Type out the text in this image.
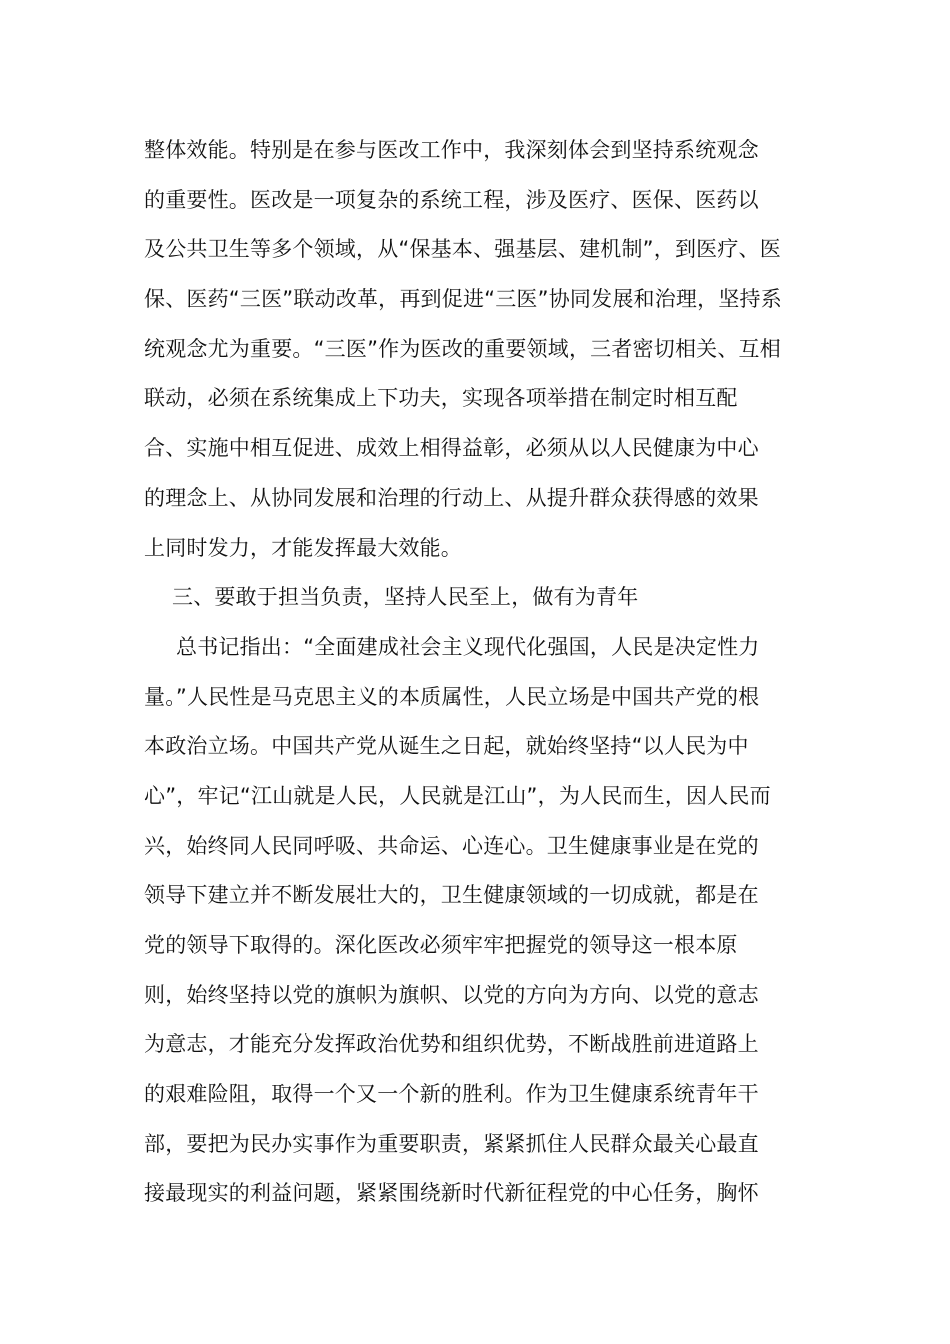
整体效能。特别是在参与医改工作中，我深刻体会到坚持系统观念
的重要性。医改是一项复杂的系统工程，涉及医疗、医保、医药以
及公共卫生等多个领域，从“保基本、强基层、建机制”，到医疗、医
保、医药“三医”联动改革，再到促进“三医”协同发展和治理，坚持系
统观念尤为重要。“三医”作为医改的重要领域，三者密切相关、互相
联动，必须在系统集成上下功夫，实现各项举措在制定时相互配
合、实施中相互促进、成效上相得益彰，必须从以人民健康为中心
的理念上、从协同发展和治理的行动上、从提升群众获得感的效果
上同时发力，才能发挥最大效能。
三、要敢于担当负责，坚持人民至上，做有为青年
总书记指出：“全面建成社会主义现代化强国，人民是决定性力
量。”人民性是马克思主义的本质属性，人民立场是中国共产党的根
本政治立场。中国共产党从诞生之日起，就始终坚持“以人民为中
心”，牢记“江山就是人民，人民就是江山”，为人民而生，因人民而
兴，始终同人民同呼吸、共命运、心连心。卫生健康事业是在党的
领导下建立并不断发展壮大的，卫生健康领域的一切成就，都是在
党的领导下取得的。深化医改必须牢牢把握党的领导这一根本原
则，始终坚持以党的旗帜为旗帜、以党的方向为方向、以党的意志
为意志，才能充分发挥政治优势和组织优势，不断战胜前进道路上
的艰难险阻，取得一个又一个新的胜利。作为卫生健康系统青年干
部，要把为民办实事作为重要职责，紧紧抓住人民群众最关心最直
接最现实的利益问题，紧紧围绕新时代新征程党的中心任务，胸怀
